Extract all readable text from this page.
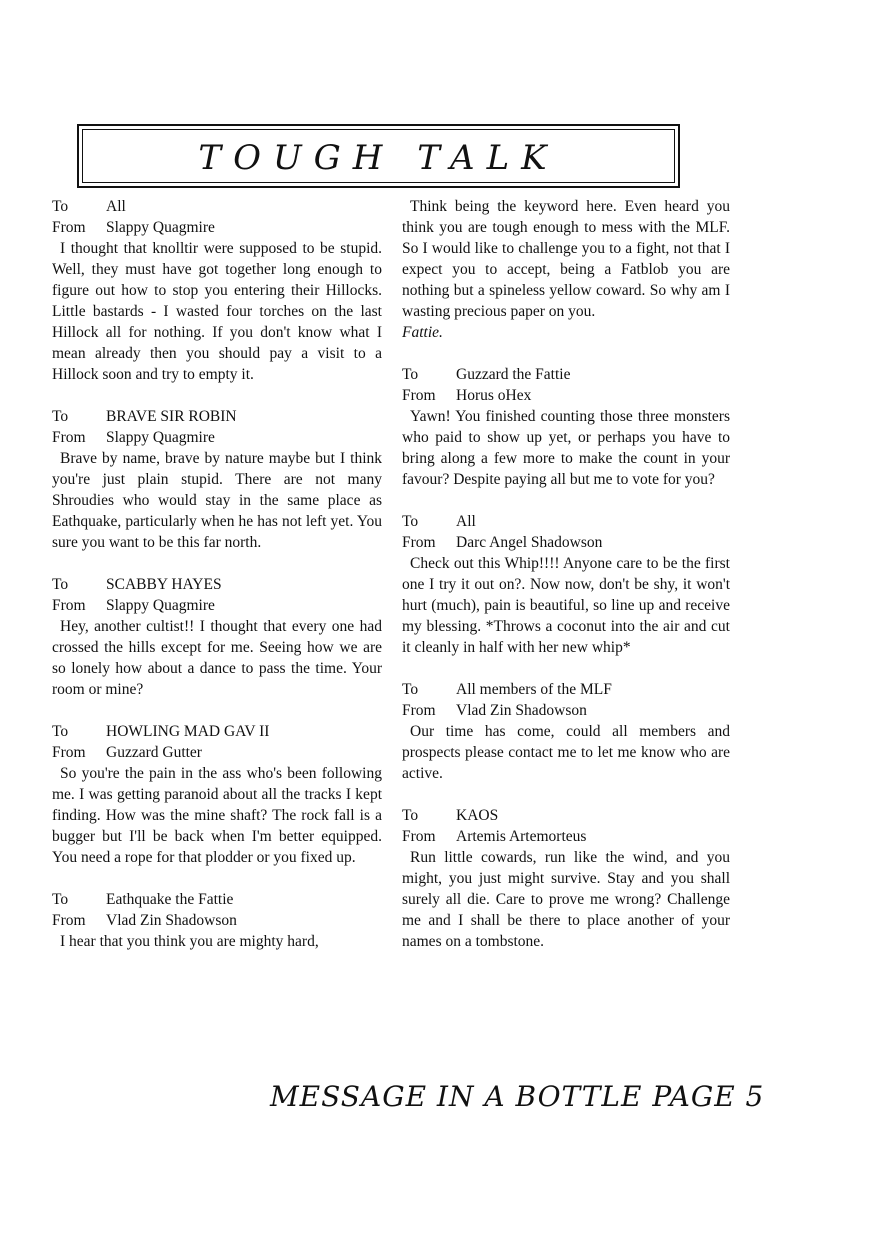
TOUGH TALK
To	All
From	Slappy Quagmire

I thought that knolltir were supposed to be stupid. Well, they must have got together long enough to figure out how to stop you entering their Hillocks. Little bastards - I wasted four torches on the last Hillock all for nothing. If you don't know what I mean already then you should pay a visit to a Hillock soon and try to empty it.

To	BRAVE SIR ROBIN
From	Slappy Quagmire

Brave by name, brave by nature maybe but I think you're just plain stupid. There are not many Shroudies who would stay in the same place as Eathquake, particularly when he has not left yet. You sure you want to be this far north.

To	SCABBY HAYES
From	Slappy Quagmire

Hey, another cultist!! I thought that every one had crossed the hills except for me. Seeing how we are so lonely how about a dance to pass the time. Your room or mine?

To	HOWLING MAD GAV II
From	Guzzard Gutter

So you're the pain in the ass who's been following me. I was getting paranoid about all the tracks I kept finding. How was the mine shaft? The rock fall is a bugger but I'll be back when I'm better equipped. You need a rope for that plodder or you fixed up.

To	Eathquake the Fattie
From	Vlad Zin Shadowson

I hear that you think you are mighty hard,

Think being the keyword here. Even heard you think you are tough enough to mess with the MLF. So I would like to challenge you to a fight, not that I expect you to accept, being a Fatblob you are nothing but a spineless yellow coward. So why am I wasting precious paper on you.

Fattie.
To	Guzzard the Fattie
From	Horus oHex

Yawn! You finished counting those three monsters who paid to show up yet, or perhaps you have to bring along a few more to make the count in your favour? Despite paying all but me to vote for you?

To	All
From	Darc Angel Shadowson

Check out this Whip!!!! Anyone care to be the first one I try it out on?. Now now, don't be shy, it won't hurt (much), pain is beautiful, so line up and receive my blessing. *Throws a coconut into the air and cut it cleanly in half with her new whip*

To	All members of the MLF
From	Vlad Zin Shadowson

Our time has come, could all members and prospects please contact me to let me know who are active.

To	KAOS
From	Artemis Artemorteus

Run little cowards, run like the wind, and you might, you just might survive. Stay and you shall surely all die. Care to prove me wrong? Challenge me and I shall be there to place another of your names on a tombstone.

MESSAGE IN A BOTTLE PAGE 5
